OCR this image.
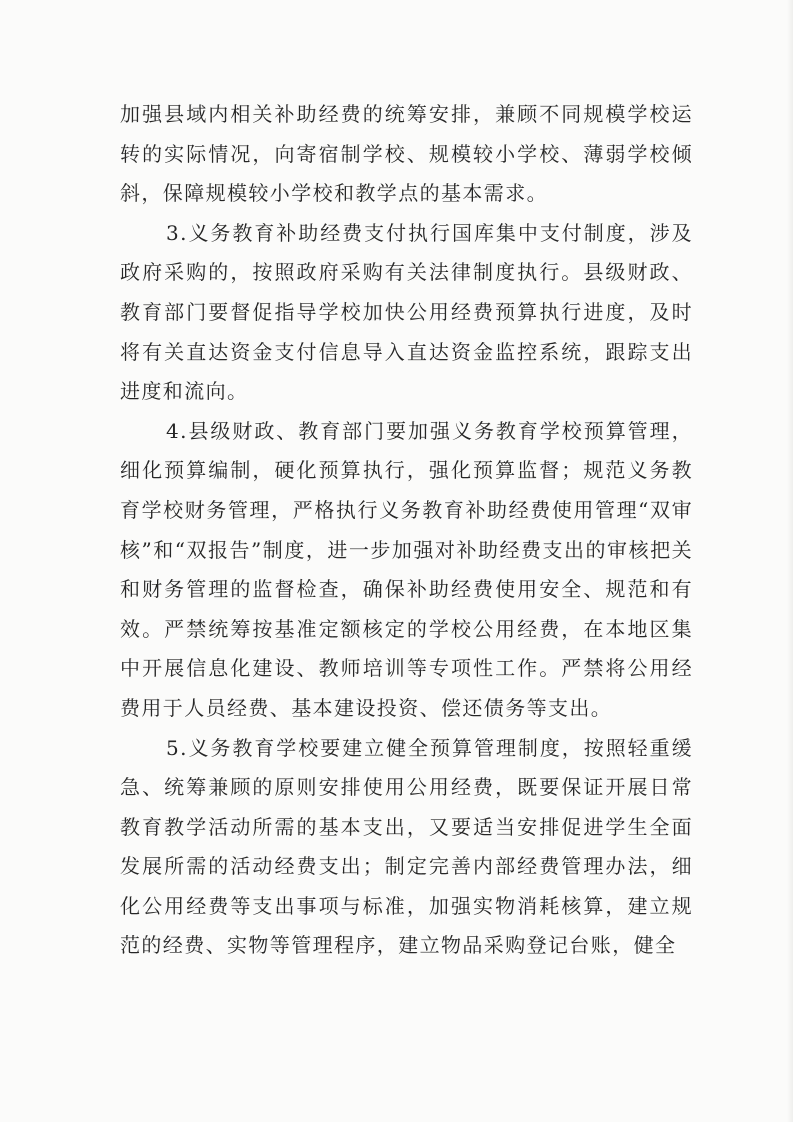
加强县域内相关补助经费的统筹安排，兼顾不同规模学校运转的实际情况，向寄宿制学校、规模较小学校、薄弱学校倾斜，保障规模较小学校和教学点的基本需求。

3.义务教育补助经费支付执行国库集中支付制度，涉及政府采购的，按照政府采购有关法律制度执行。县级财政、教育部门要督促指导学校加快公用经费预算执行进度，及时将有关直达资金支付信息导入直达资金监控系统，跟踪支出进度和流向。

4.县级财政、教育部门要加强义务教育学校预算管理，细化预算编制，硬化预算执行，强化预算监督；规范义务教育学校财务管理，严格执行义务教育补助经费使用管理“双审核”和“双报告”制度，进一步加强对补助经费支出的审核把关和财务管理的监督检查，确保补助经费使用安全、规范和有效。严禁统筹按基准定额核定的学校公用经费，在本地区集中开展信息化建设、教师培训等专项性工作。严禁将公用经费用于人员经费、基本建设投资、偿还债务等支出。

5.义务教育学校要建立健全预算管理制度，按照轻重缓急、统筹兼顾的原则安排使用公用经费，既要保证开展日常教育教学活动所需的基本支出，又要适当安排促进学生全面发展所需的活动经费支出；制定完善内部经费管理办法，细化公用经费等支出事项与标准，加强实物消耗核算，建立规范的经费、实物等管理程序，建立物品采购登记台账，健全
